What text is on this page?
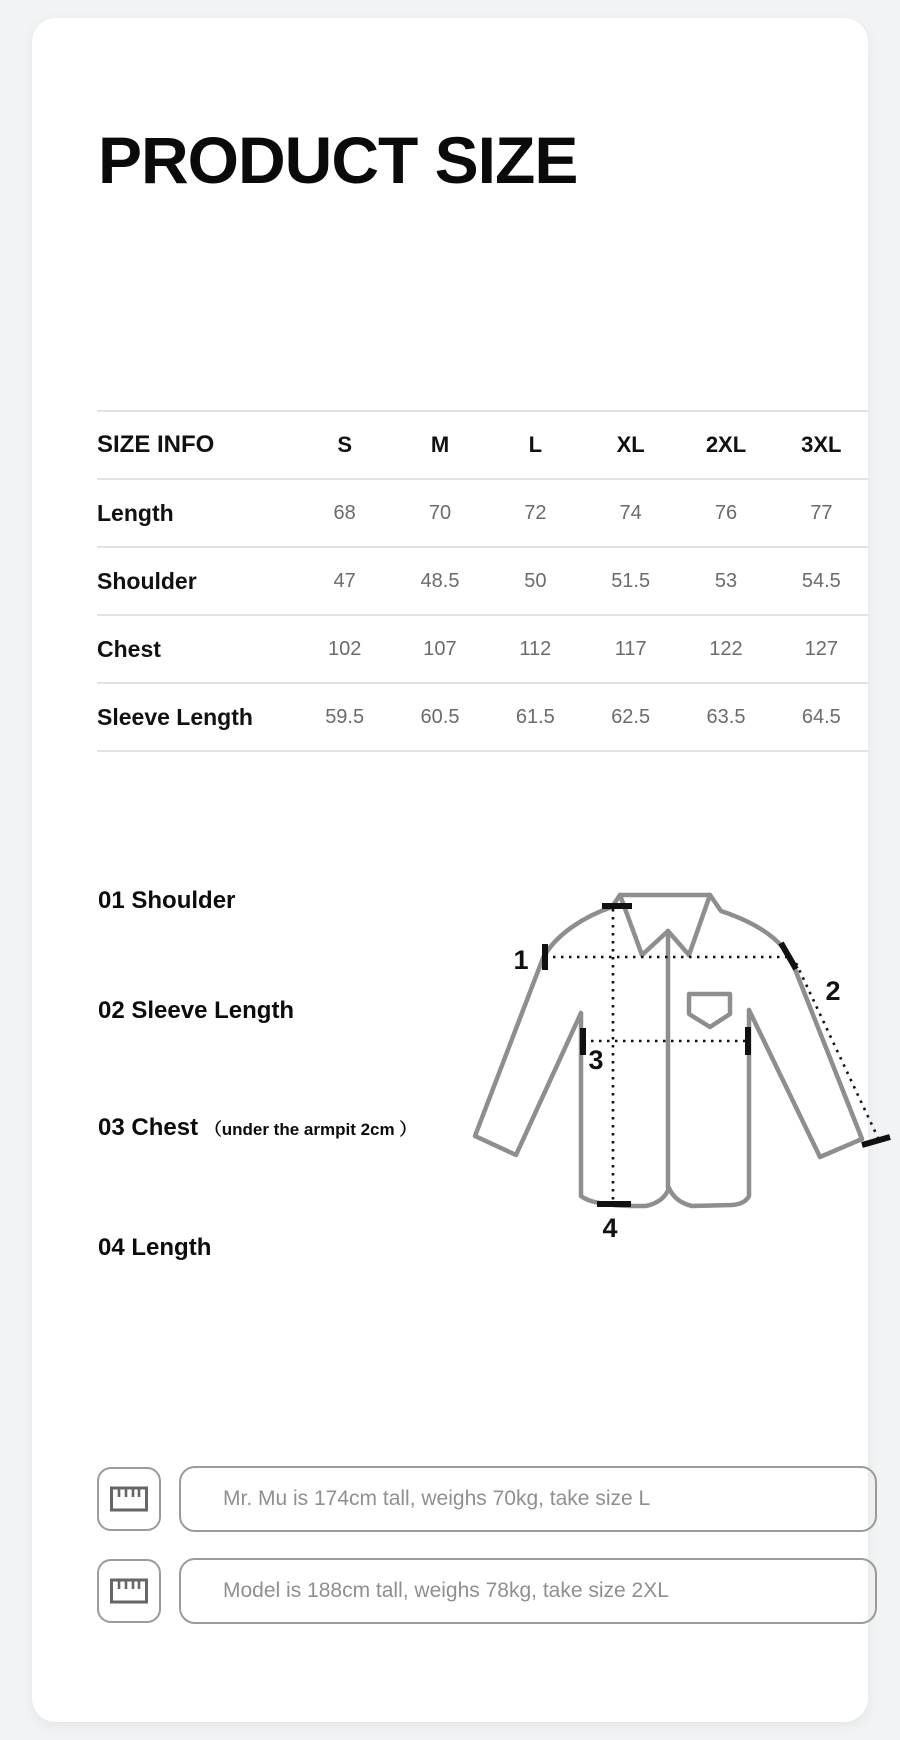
PRODUCT SIZE
SIZE INFO	S	M	L	XL	2XL	3XL
Length	68	70	72	74	76	77
Shoulder	47	48.5	50	51.5	53	54.5
Chest	102	107	112	117	122	127
Sleeve Length	59.5	60.5	61.5	62.5	63.5	64.5
01 Shoulder
02 Sleeve Length
03 Chest （under the armpit 2cm ）
04 Length
1
2
3
4
Mr. Mu is 174cm tall, weighs 70kg, take size L
Model is 188cm tall, weighs 78kg, take size 2XL
